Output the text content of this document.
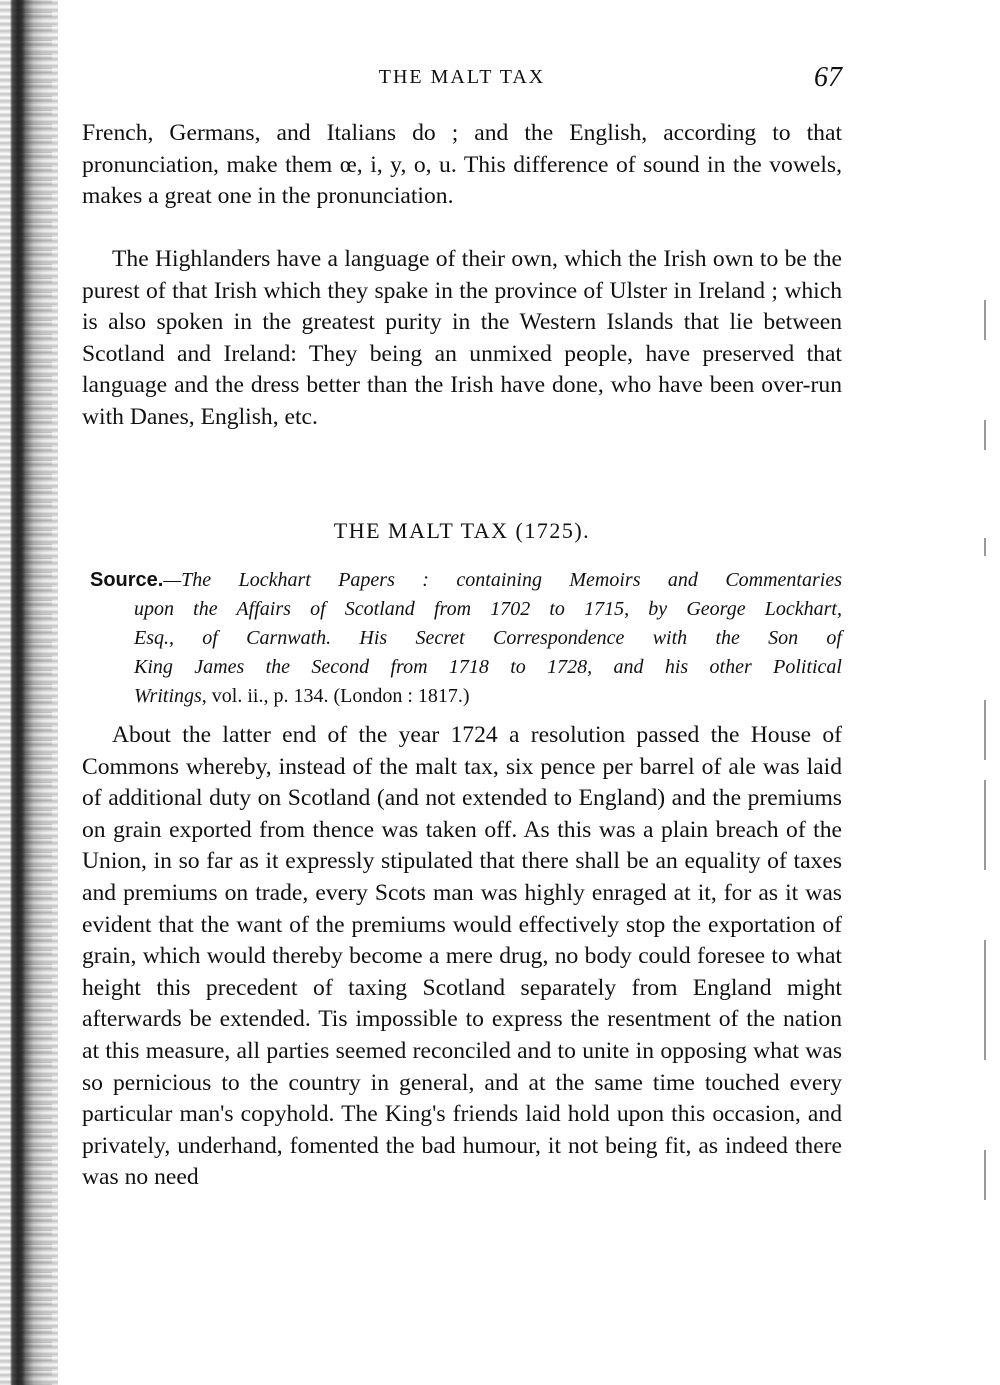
THE MALT TAX	67

French, Germans, and Italians do ; and the English, according to that pronunciation, make them œ, i, y, o, u. This difference of sound in the vowels, makes a great one in the pronunciation.

The Highlanders have a language of their own, which the Irish own to be the purest of that Irish which they spake in the province of Ulster in Ireland ; which is also spoken in the greatest purity in the Western Islands that lie between Scotland and Ireland: They being an unmixed people, have preserved that language and the dress better than the Irish have done, who have been over-run with Danes, English, etc.

THE MALT TAX (1725).
Source.—The Lockhart Papers : containing Memoirs and Commentaries
upon the Affairs of Scotland from 1702 to 1715, by George Lockhart,
Esq., of Carnwath. His Secret Correspondence with the Son of
King James the Second from 1718 to 1728, and his other Political
Writings, vol. ii., p. 134. (London : 1817.)

About the latter end of the year 1724 a resolution passed the House of Commons whereby, instead of the malt tax, six pence per barrel of ale was laid of additional duty on Scotland (and not extended to England) and the premiums on grain exported from thence was taken off. As this was a plain breach of the Union, in so far as it expressly stipulated that there shall be an equality of taxes and premiums on trade, every Scots man was highly enraged at it, for as it was evident that the want of the premiums would effectively stop the exportation of grain, which would thereby become a mere drug, no body could foresee to what height this precedent of taxing Scotland separately from England might afterwards be extended. Tis impossible to express the resentment of the nation at this measure, all parties seemed reconciled and to unite in opposing what was so pernicious to the country in general, and at the same time touched every particular man's copyhold. The King's friends laid hold upon this occasion, and privately, underhand, fomented the bad humour, it not being fit, as indeed there was no need
